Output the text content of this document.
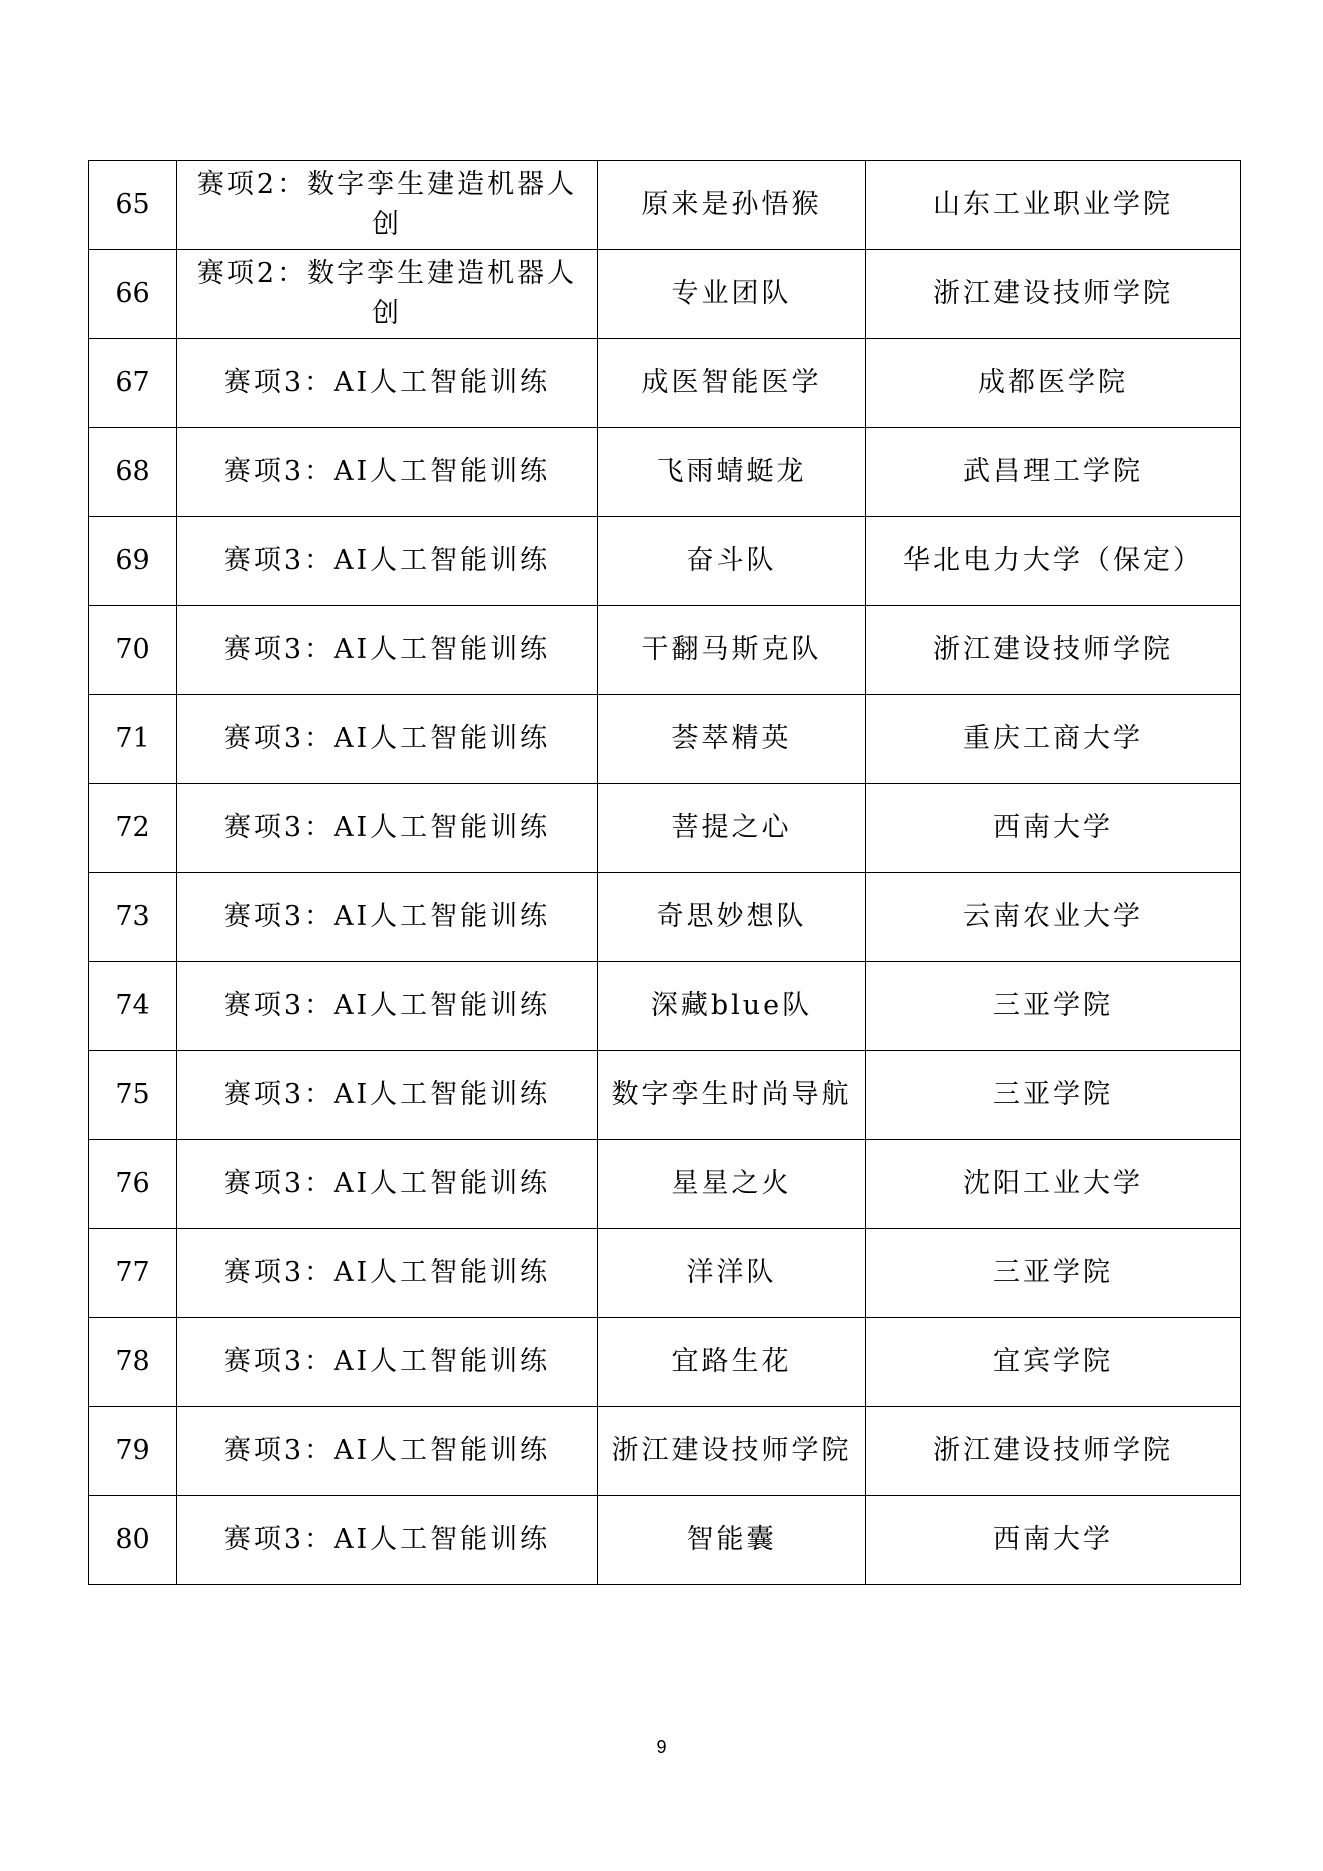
65	赛项2：数字孪生建造机器人创	原来是孙悟猴	山东工业职业学院
66	赛项2：数字孪生建造机器人创	专业团队	浙江建设技师学院
67	赛项3：AI人工智能训练	成医智能医学	成都医学院
68	赛项3：AI人工智能训练	飞雨蜻蜓龙	武昌理工学院
69	赛项3：AI人工智能训练	奋斗队	华北电力大学（保定）
70	赛项3：AI人工智能训练	干翻马斯克队	浙江建设技师学院
71	赛项3：AI人工智能训练	荟萃精英	重庆工商大学
72	赛项3：AI人工智能训练	菩提之心	西南大学
73	赛项3：AI人工智能训练	奇思妙想队	云南农业大学
74	赛项3：AI人工智能训练	深藏blue队	三亚学院
75	赛项3：AI人工智能训练	数字孪生时尚导航	三亚学院
76	赛项3：AI人工智能训练	星星之火	沈阳工业大学
77	赛项3：AI人工智能训练	洋洋队	三亚学院
78	赛项3：AI人工智能训练	宜路生花	宜宾学院
79	赛项3：AI人工智能训练	浙江建设技师学院	浙江建设技师学院
80	赛项3：AI人工智能训练	智能囊	西南大学
9
